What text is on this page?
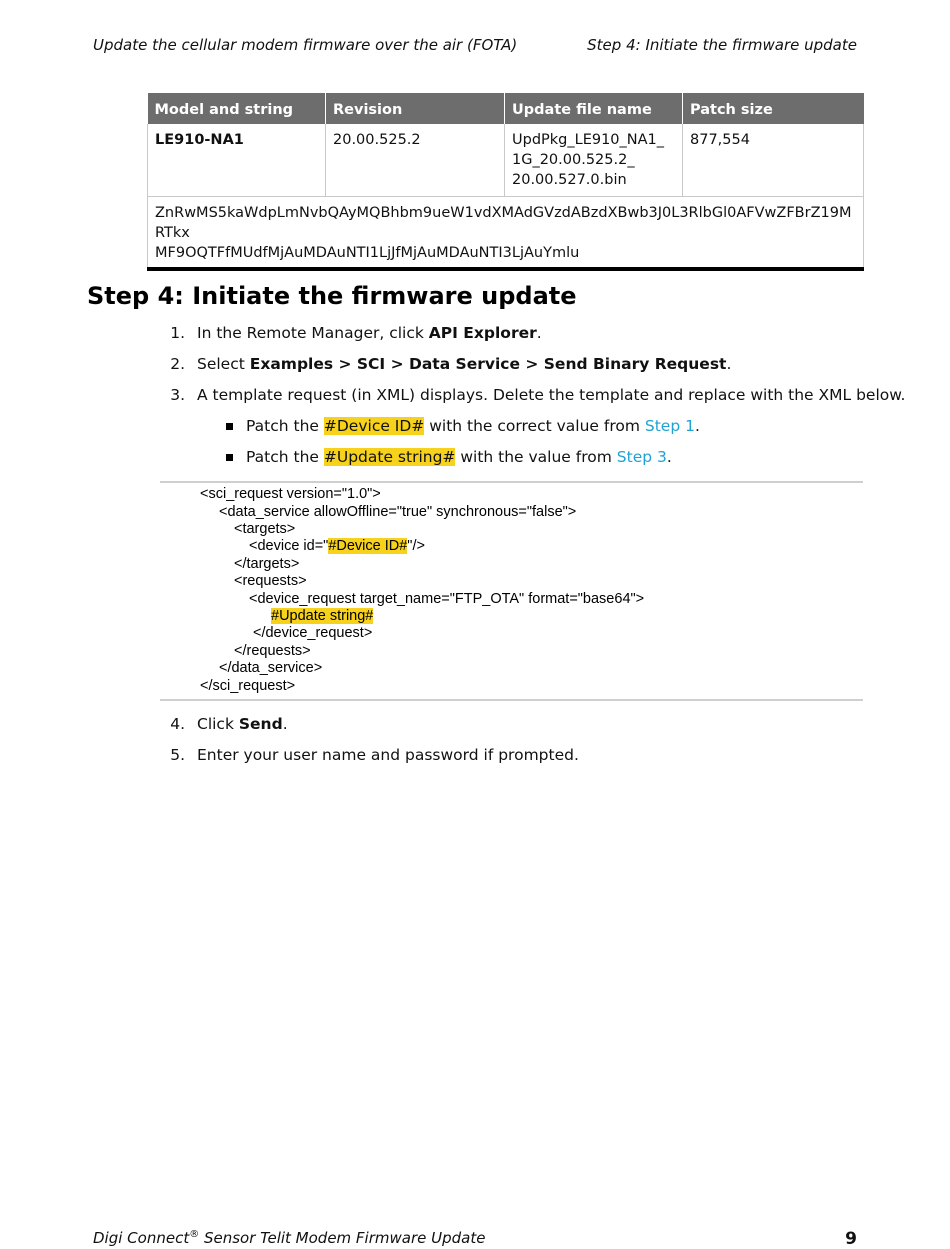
Update the cellular modem firmware over the air (FOTA)	Step 4: Initiate the firmware update
Model and string	Revision	Update file name	Patch size
LE910-NA1	20.00.525.2	UpdPkg_LE910_NA1_
1G_20.00.525.2_
20.00.527.0.bin	877,554

ZnRwMS5kaWdpLmNvbQAyMQBhbm9ueW1vdXMAdGVzdABzdXBwb3J0L3RlbGl0AFVwZFBrZ19MRTkx
MF9OQTFfMUdfMjAuMDAuNTI1LjJfMjAuMDAuNTI3LjAuYmlu			
Step 4: Initiate the firmware update
1. In the Remote Manager, click API Explorer.
2. Select Examples > SCI > Data Service > Send Binary Request.
3. A template request (in XML) displays. Delete the template and replace with the XML below.
Patch the #Device ID# with the correct value from Step 1.
Patch the #Update string# with the value from Step 3.
<sci_request version="1.0">
<data_service allowOffline="true" synchronous="false">
<targets>
<device id="#Device ID#"/>
</targets>
<requests>
<device_request target_name="FTP_OTA" format="base64">
#Update string#
</device_request>
</requests>
</data_service>
</sci_request>
4. Click Send.
5. Enter your user name and password if prompted.
Digi Connect® Sensor Telit Modem Firmware Update	9
